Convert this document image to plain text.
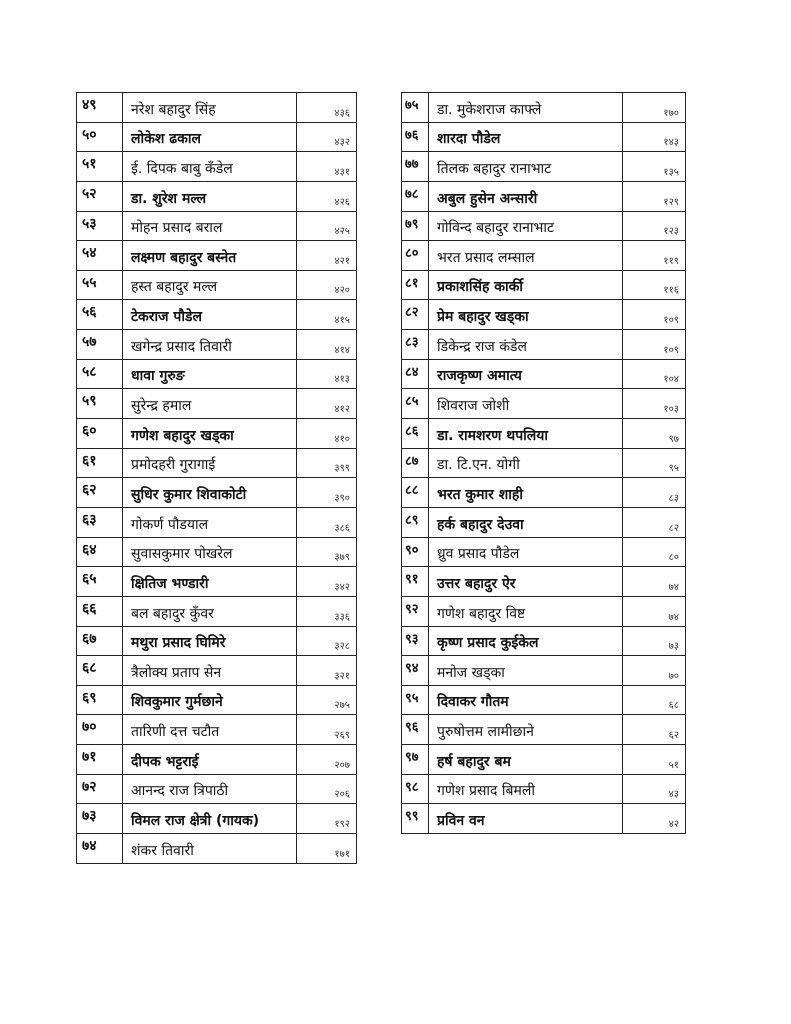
४९	नरेश बहादुर सिंह	४३६
५०	लोकेश ढकाल	४३२
५१	ई. दिपक बाबु कँडेल	४३१
५२	डा. शुरेश मल्ल	४२६
५३	मोहन प्रसाद बराल	४२५
५४	लक्ष्मण बहादुर बस्नेत	४२१
५५	हस्त बहादुर मल्ल	४२०
५६	टेकराज पौडेल	४१५
५७	खगेन्द्र प्रसाद तिवारी	४१४
५८	धावा गुरुङ	४१३
५९	सुरेन्द्र हमाल	४१२
६०	गणेश बहादुर खड्का	४१०
६१	प्रमोदहरी गुरागाई	३९९
६२	सुधिर कुमार शिवाकोटी	३९०
६३	गोकर्ण पौडयाल	३८६
६४	सुवासकुमार पोखरेल	३७९
६५	क्षितिज भण्डारी	३४२
६६	बल बहादुर कुँवर	३३६
६७	मथुरा प्रसाद घिमिरे	३२८
६८	त्रैलोक्य प्रताप सेन	३२१
६९	शिवकुमार गुर्मछाने	२७५
७०	तारिणी दत्त चटौत	२६९
७१	दीपक भट्टराई	२०७
७२	आनन्द राज त्रिपाठी	२०६
७३	विमल राज क्षेत्री (गायक)	१९२
७४	शंकर तिवारी	१७१
७५	डा. मुकेशराज काफ्ले	१७०
७६	शारदा पौडेल	१४३
७७	तिलक बहादुर रानाभाट	१३५
७८	अबुल हुसेन अन्सारी	१२९
७९	गोविन्द बहादुर रानाभाट	१२३
८०	भरत प्रसाद लम्साल	११९
८१	प्रकाशसिंह कार्की	११६
८२	प्रेम बहादुर खड्का	१०९
८३	डिकेन्द्र राज कंडेल	१०९
८४	राजकृष्ण अमात्य	१०४
८५	शिवराज जोशी	१०३
८६	डा. रामशरण थपलिया	९७
८७	डा. टि.एन. योगी	९५
८८	भरत कुमार शाही	८३
८९	हर्क बहादुर देउवा	८२
९०	ध्रुव प्रसाद पौडेल	८०
९१	उत्तर बहादुर ऐर	७४
९२	गणेश बहादुर विष्ट	७४
९३	कृष्ण प्रसाद कुईकेल	७३
९४	मनोज खड्का	७०
९५	दिवाकर गौतम	६८
९६	पुरुषोत्तम लामीछाने	६२
९७	हर्ष बहादुर बम	५१
९८	गणेश प्रसाद बिमली	४३
९९	प्रविन वन	४२
